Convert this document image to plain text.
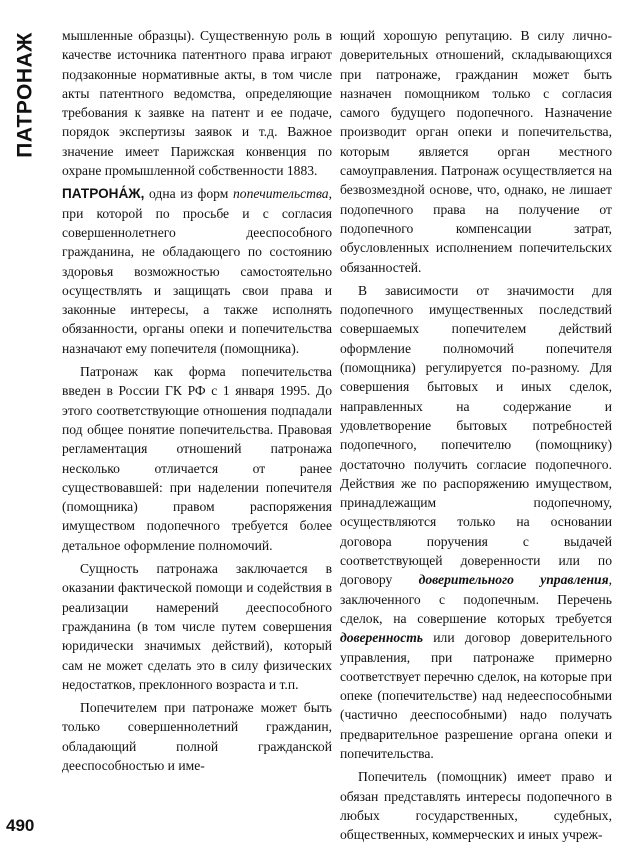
ПАТРОНАЖ
490

мышленные образцы). Существенную роль в качестве источника патентного права играют подзаконные нормативные акты, в том числе акты патентного ведомства, определяющие требования к заявке на патент и ее подаче, порядок экспертизы заявок и т.д. Важное значение имеет Парижская конвенция по охране промышленной собственности 1883.

ПАТРОНА́Ж, одна из форм попечительства, при которой по просьбе и с согласия совершеннолетнего дееспособного гражданина, не обладающего по состоянию здоровья возможностью самостоятельно осуществлять и защищать свои права и законные интересы, а также исполнять обязанности, органы опеки и попечительства назначают ему попечителя (помощника).

Патронаж как форма попечительства введен в России ГК РФ с 1 января 1995. До этого соответствующие отношения подпадали под общее понятие попечительства. Правовая регламентация отношений патронажа несколько отличается от ранее существовавшей: при наделении попечителя (помощника) правом распоряжения имуществом подопечного требуется более детальное оформление полномочий.

Сущность патронажа заключается в оказании фактической помощи и содействия в реализации намерений дееспособного гражданина (в том числе путем совершения юридически значимых действий), который сам не может сделать это в силу физических недостатков, преклонного возраста и т.п.

Попечителем при патронаже может быть только совершеннолетний гражданин, обладающий полной гражданской дееспособностью и име-

ющий хорошую репутацию. В силу лично-доверительных отношений, складывающихся при патронаже, гражданин может быть назначен помощником только с согласия самого будущего подопечного. Назначение производит орган опеки и попечительства, которым является орган местного самоуправления. Патронаж осуществляется на безвозмездной основе, что, однако, не лишает подопечного права на получение от подопечного компенсации затрат, обусловленных исполнением попечительских обязанностей.

В зависимости от значимости для подопечного имущественных последствий совершаемых попечителем действий оформление полномочий попечителя (помощника) регулируется по-разному. Для совершения бытовых и иных сделок, направленных на содержание и удовлетворение бытовых потребностей подопечного, попечителю (помощнику) достаточно получить согласие подопечного. Действия же по распоряжению имуществом, принадлежащим подопечному, осуществляются только на основании договора поручения с выдачей соответствующей доверенности или по договору доверительного управления, заключенного с подопечным. Перечень сделок, на совершение которых требуется доверенность или договор доверительного управления, при патронаже примерно соответствует перечню сделок, на которые при опеке (попечительстве) над недееспособными (частично дееспособными) надо получать предварительное разрешение органа опеки и попечительства.

Попечитель (помощник) имеет право и обязан представлять интересы подопечного в любых государственных, судебных, общественных, коммерческих и иных учреж-
